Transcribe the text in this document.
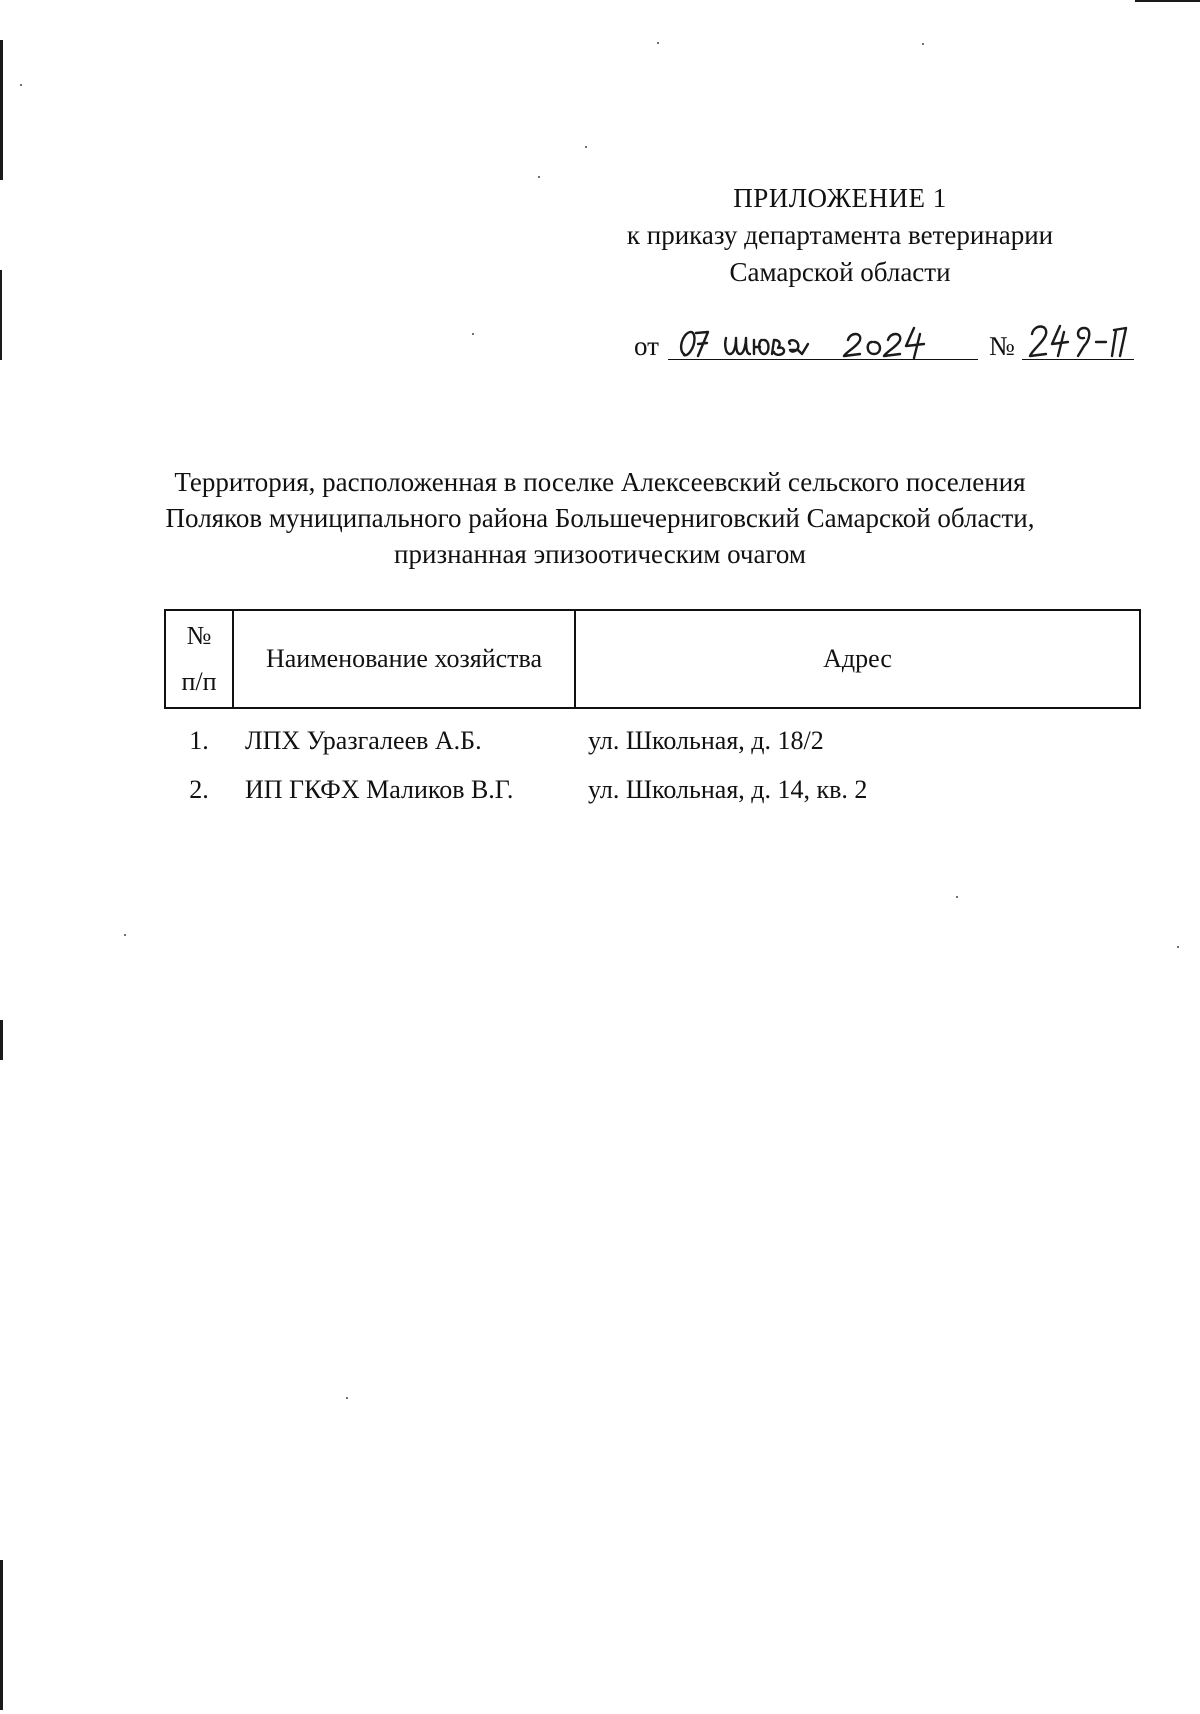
ПРИЛОЖЕНИЕ 1
к приказу департамента ветеринарии
Самарской области
от	№
Территория, расположенная в поселке Алексеевский сельского поселения
Поляков муниципального района Большечерниговский Самарской области,
признанная эпизоотическим очагом
№
п/п	Наименование хозяйства	Адрес
1.	ЛПХ Уразгалеев А.Б.	ул. Школьная, д. 18/2
2.	ИП ГКФХ Маликов В.Г.	ул. Школьная, д. 14, кв. 2
